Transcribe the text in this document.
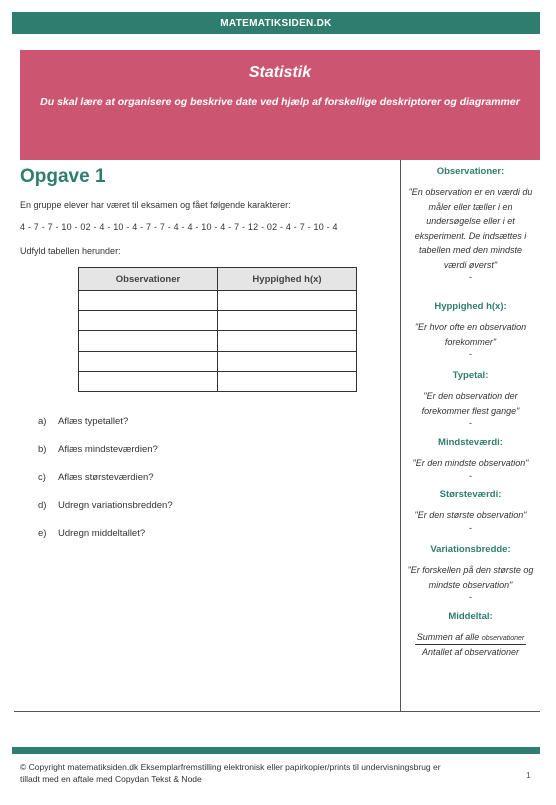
MATEMATIKSIDEN.DK
Statistik
Du skal lære at organisere og beskrive date ved hjælp af forskellige deskriptorer og diagrammer
Opgave 1
En gruppe elever har været til eksamen og fået følgende karakterer:
4 - 7 - 7 - 10 - 02 - 4 - 10 - 4 - 7 - 7 - 4 - 4 - 10 - 4 - 7 - 12 - 02 - 4 - 7 - 10 - 4
Udfyld tabellen herunder:
Observationer	Hyppighed h(x)

a)	Aflæs typetallet?
b)	Aflæs mindsteværdien?
c)	Aflæs størsteværdien?
d)	Udregn variationsbredden?
e)	Udregn middeltallet?
Observationer:
"En observation er en værdi du måler eller tæller i en undersøgelse eller i et eksperiment. De indsættes i tabellen med den mindste værdi øverst"
-
Hyppighed h(x):
"Er hvor ofte en observation forekommer"
-
Typetal:
"Er den observation der forekommer flest gange"
-
Mindsteværdi:
"Er den mindste observation"
-
Størsteværdi:
"Er den største observation"
-
Variationsbredde:
"Er forskellen på den største og mindste observation"
-
Middeltal:
Summen af alle observationer
Antallet af observationer
© Copyright matematiksiden.dk Eksemplarfremstilling elektronisk eller papirkopier/prints til undervisningsbrug er tilladt med en aftale med Copydan Tekst & Node	1
